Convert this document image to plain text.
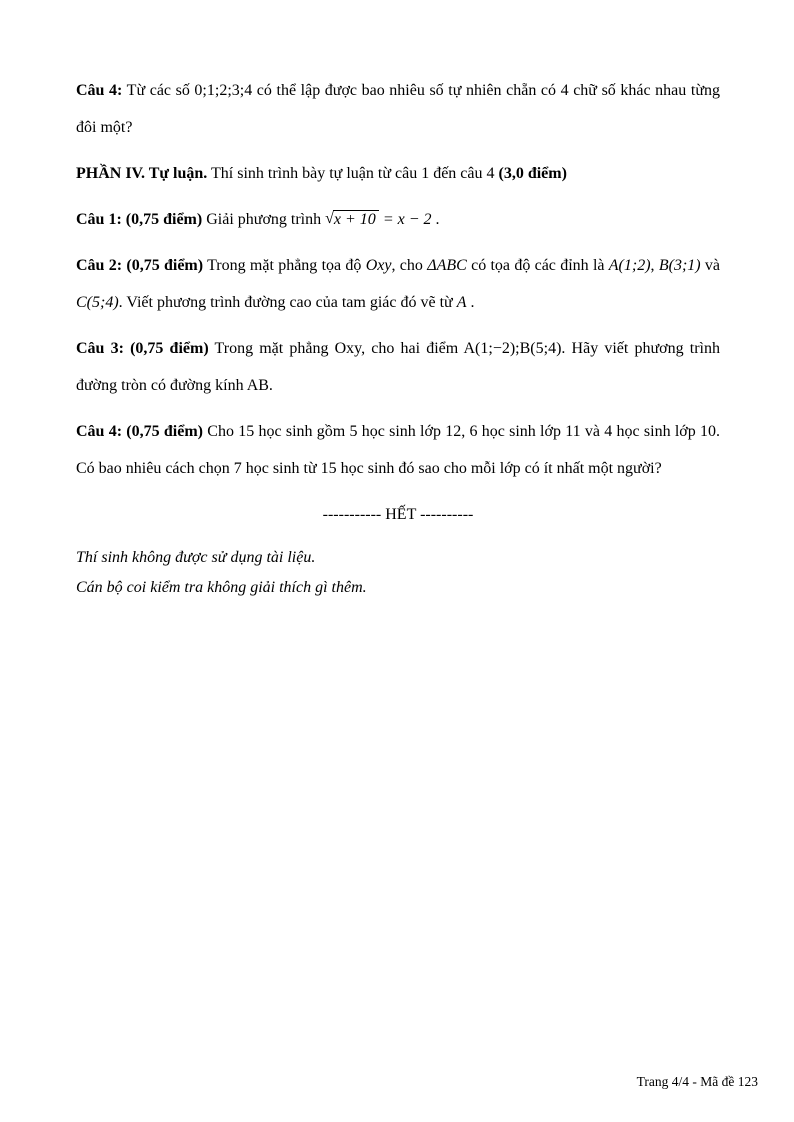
Câu 4: Từ các số 0;1;2;3;4 có thể lập được bao nhiêu số tự nhiên chẵn có 4 chữ số khác nhau từng đôi một?

PHẦN IV. Tự luận. Thí sinh trình bày tự luận từ câu 1 đến câu 4 (3,0 điểm)

Câu 1: (0,75 điểm) Giải phương trình √x + 10 = x − 2 .

Câu 2: (0,75 điểm) Trong mặt phẳng tọa độ Oxy, cho ΔABC có tọa độ các đỉnh là A(1;2), B(3;1) và C(5;4). Viết phương trình đường cao của tam giác đó vẽ từ A .

Câu 3: (0,75 điểm) Trong mặt phẳng Oxy, cho hai điểm A(1;−2);B(5;4). Hãy viết phương trình đường tròn có đường kính AB.

Câu 4: (0,75 điểm) Cho 15 học sinh gồm 5 học sinh lớp 12, 6 học sinh lớp 11 và 4 học sinh lớp 10. Có bao nhiêu cách chọn 7 học sinh từ 15 học sinh đó sao cho mỗi lớp có ít nhất một người?

----------- HẾT ----------

Thí sinh không được sử dụng tài liệu.

Cán bộ coi kiểm tra không giải thích gì thêm.

Trang 4/4 - Mã đề 123
